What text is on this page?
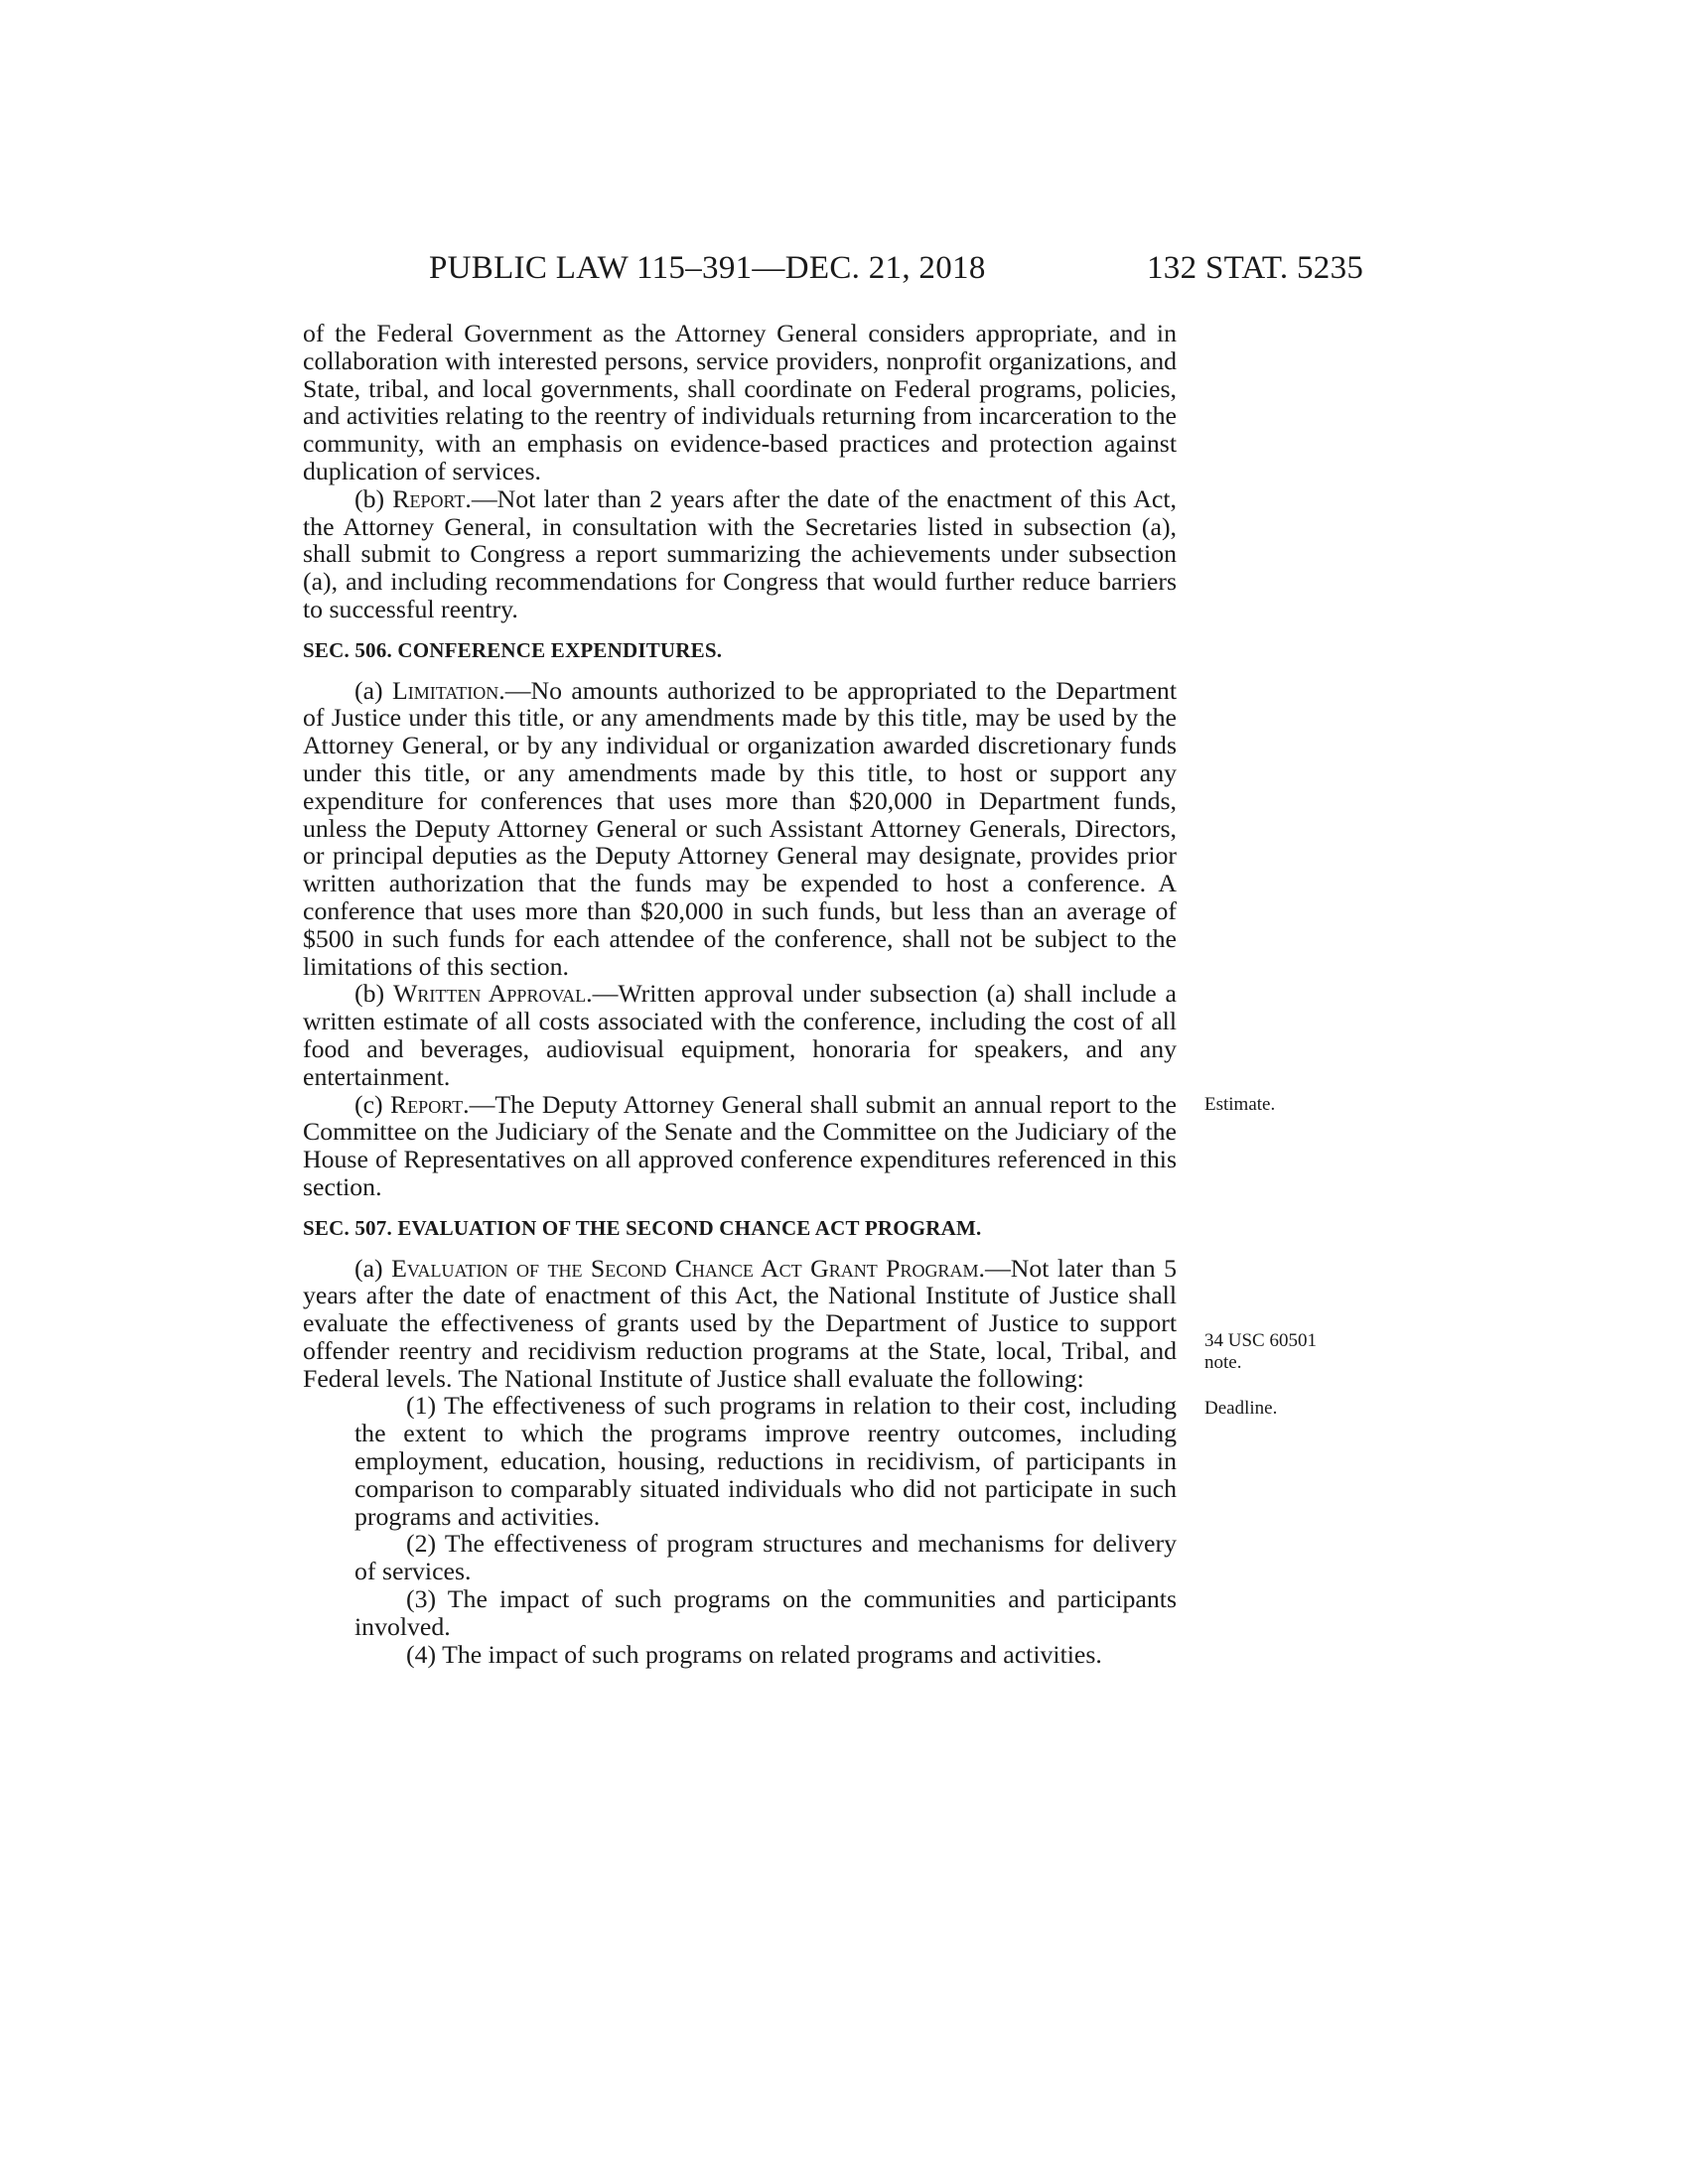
PUBLIC LAW 115–391—DEC. 21, 2018	132 STAT. 5235

of the Federal Government as the Attorney General considers appropriate, and in collaboration with interested persons, service providers, nonprofit organizations, and State, tribal, and local governments, shall coordinate on Federal programs, policies, and activities relating to the reentry of individuals returning from incarceration to the community, with an emphasis on evidence-based practices and protection against duplication of services.

(b) Report.—Not later than 2 years after the date of the enactment of this Act, the Attorney General, in consultation with the Secretaries listed in subsection (a), shall submit to Congress a report summarizing the achievements under subsection (a), and including recommendations for Congress that would further reduce barriers to successful reentry.

SEC. 506. CONFERENCE EXPENDITURES.

(a) Limitation.—No amounts authorized to be appropriated to the Department of Justice under this title, or any amendments made by this title, may be used by the Attorney General, or by any individual or organization awarded discretionary funds under this title, or any amendments made by this title, to host or support any expenditure for conferences that uses more than $20,000 in Department funds, unless the Deputy Attorney General or such Assistant Attorney Generals, Directors, or principal deputies as the Deputy Attorney General may designate, provides prior written authorization that the funds may be expended to host a conference. A conference that uses more than $20,000 in such funds, but less than an average of $500 in such funds for each attendee of the conference, shall not be subject to the limitations of this section.

(b) Written Approval.—Written approval under subsection (a) shall include a written estimate of all costs associated with the conference, including the cost of all food and beverages, audiovisual equipment, honoraria for speakers, and any entertainment.

(c) Report.—The Deputy Attorney General shall submit an annual report to the Committee on the Judiciary of the Senate and the Committee on the Judiciary of the House of Representatives on all approved conference expenditures referenced in this section.

SEC. 507. EVALUATION OF THE SECOND CHANCE ACT PROGRAM.

(a) Evaluation of the Second Chance Act Grant Program.—Not later than 5 years after the date of enactment of this Act, the National Institute of Justice shall evaluate the effectiveness of grants used by the Department of Justice to support offender reentry and recidivism reduction programs at the State, local, Tribal, and Federal levels. The National Institute of Justice shall evaluate the following:

(1) The effectiveness of such programs in relation to their cost, including the extent to which the programs improve reentry outcomes, including employment, education, housing, reductions in recidivism, of participants in comparison to comparably situated individuals who did not participate in such programs and activities.

(2) The effectiveness of program structures and mechanisms for delivery of services.

(3) The impact of such programs on the communities and participants involved.

(4) The impact of such programs on related programs and activities.

Estimate.
34 USC 60501
note.
Deadline.
